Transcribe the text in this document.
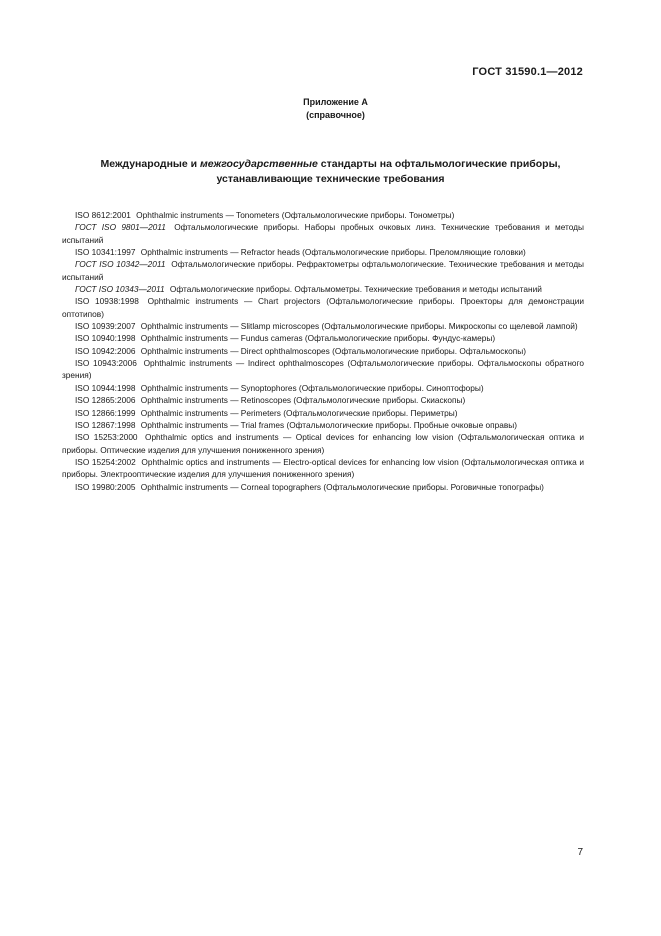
ГОСТ 31590.1—2012
Приложение А
(справочное)
Международные и межгосударственные стандарты на офтальмологические приборы,
устанавливающие технические требования

ISO 8612:2001 Ophthalmic instruments — Tonometers (Офтальмологические приборы. Тонометры)

ГОСТ ISO 9801—2011 Офтальмологические приборы. Наборы пробных очковых линз. Технические требования и методы испытаний

ISO 10341:1997 Ophthalmic instruments — Refractor heads (Офтальмологические приборы. Преломляющие головки)

ГОСТ ISO 10342—2011 Офтальмологические приборы. Рефрактометры офтальмологические. Технические требования и методы испытаний

ГОСТ ISO 10343—2011 Офтальмологические приборы. Офтальмометры. Технические требования и методы испытаний

ISO 10938:1998 Ophthalmic instruments — Chart projectors (Офтальмологические приборы. Проекторы для демонстрации оптотипов)

ISO 10939:2007 Ophthalmic instruments — Slitlamp microscopes (Офтальмологические приборы. Микроскопы со щелевой лампой)

ISO 10940:1998 Ophthalmic instruments — Fundus cameras (Офтальмологические приборы. Фундус-камеры)

ISO 10942:2006 Ophthalmic instruments — Direct ophthalmoscopes (Офтальмологические приборы. Офтальмоскопы)

ISO 10943:2006 Ophthalmic instruments — Indirect ophthalmoscopes (Офтальмологические приборы. Офтальмоскопы обратного зрения)

ISO 10944:1998 Ophthalmic instruments — Synoptophores (Офтальмологические приборы. Синоптофоры)

ISO 12865:2006 Ophthalmic instruments — Retinoscopes (Офтальмологические приборы. Скиаскопы)

ISO 12866:1999 Ophthalmic instruments — Perimeters (Офтальмологические приборы. Периметры)

ISO 12867:1998 Ophthalmic instruments — Trial frames (Офтальмологические приборы. Пробные очковые оправы)

ISO 15253:2000 Ophthalmic optics and instruments — Optical devices for enhancing low vision (Офтальмологическая оптика и приборы. Оптические изделия для улучшения пониженного зрения)

ISO 15254:2002 Ophthalmic optics and instruments — Electro-optical devices for enhancing low vision (Офтальмологическая оптика и приборы. Электрооптические изделия для улучшения пониженного зрения)

ISO 19980:2005 Ophthalmic instruments — Corneal topographers (Офтальмологические приборы. Роговичные топографы)

7
